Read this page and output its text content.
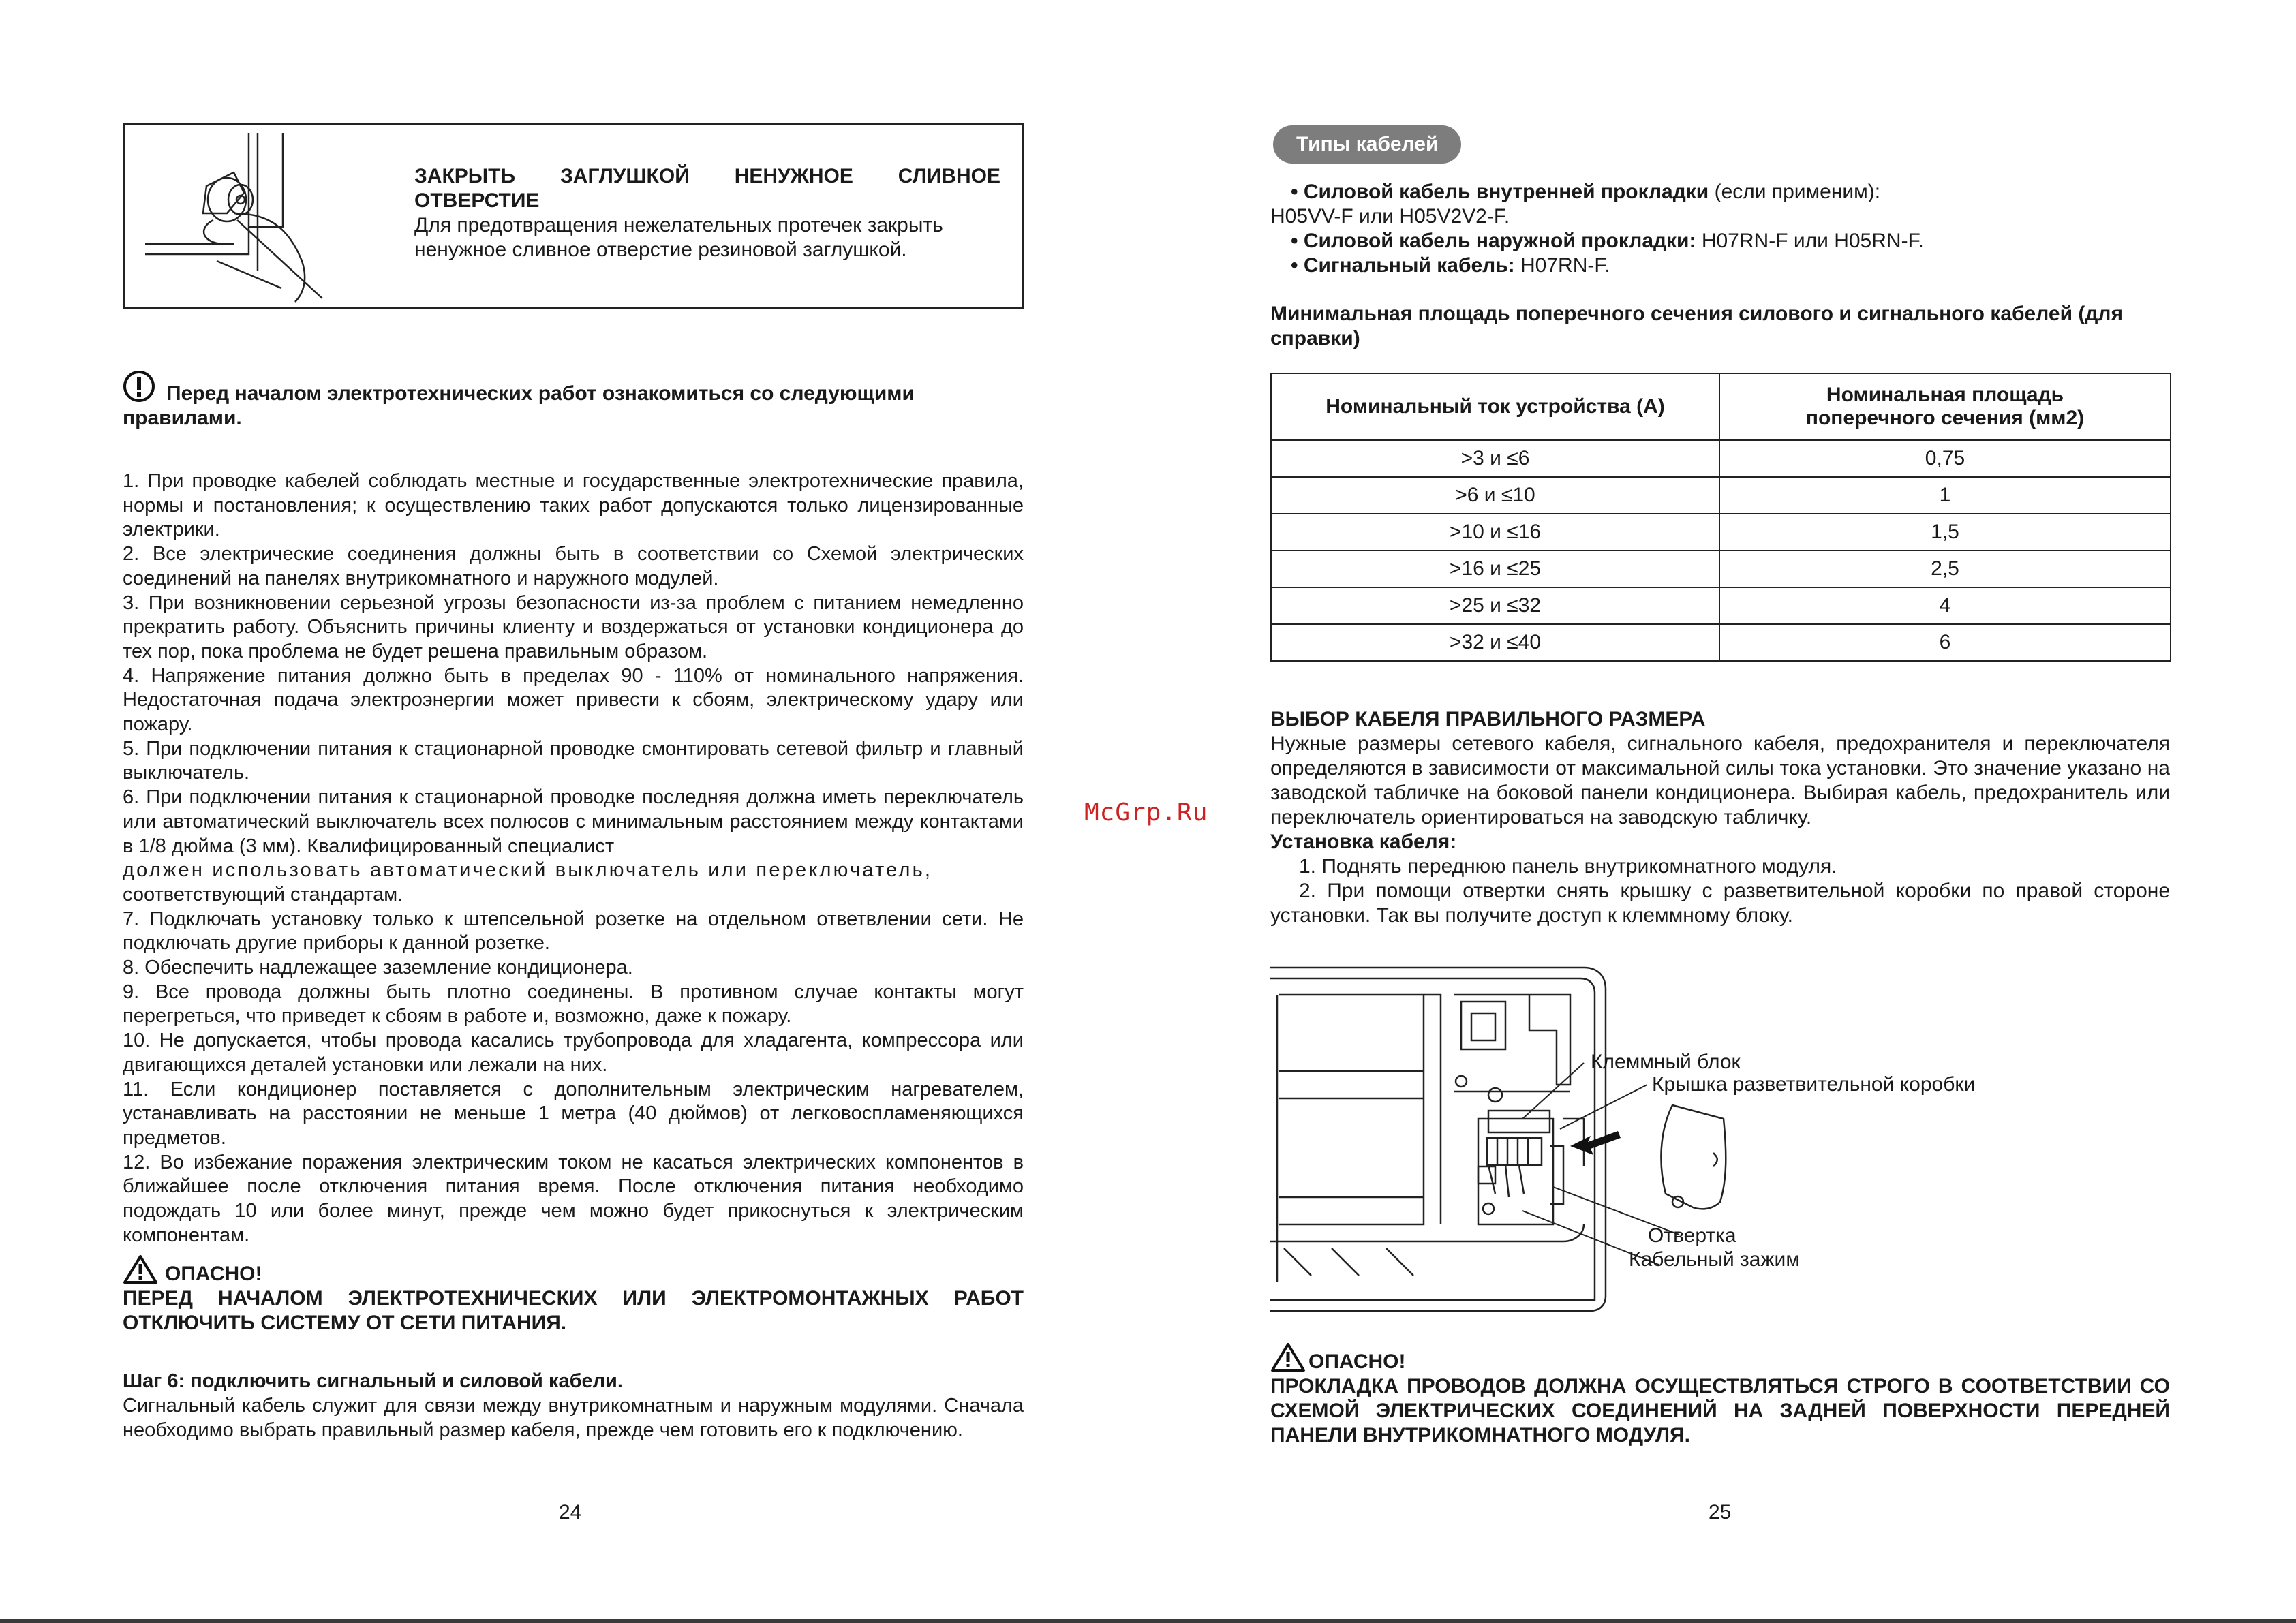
ЗАКРЫТЬ ЗАГЛУШКОЙ НЕНУЖНОЕ СЛИВНОЕ ОТВЕРСТИЕ
Для предотвращения нежелательных протечек закрыть ненужное сливное отверстие резиновой заглушкой.
Перед началом электротехнических работ ознакомиться со следующими правилами.

1. При проводке кабелей соблюдать местные и государственные электротехнические правила, нормы и постановления; к осуществлению таких работ допускаются только лицензированные электрики.

2. Все электрические соединения должны быть в соответствии со Схемой электрических соединений на панелях внутрикомнатного и наружного модулей.

3. При возникновении серьезной угрозы безопасности из-за проблем с питанием немедленно прекратить работу. Объяснить причины клиенту и воздержаться от установки кондиционера до тех пор, пока проблема не будет решена правильным образом.

4. Напряжение питания должно быть в пределах 90 - 110% от номинального напряжения. Недостаточная подача электроэнергии может привести к сбоям, электрическому удару или пожару.

5. При подключении питания к стационарной проводке смонтировать сетевой фильтр и главный выключатель.

6. При подключении питания к стационарной проводке последняя должна иметь переключатель или автоматический выключатель всех полюсов с минимальным расстоянием между контактами в 1/8 дюйма (3 мм). Квалифицированный специалист

должен использовать автоматический выключатель или переключатель,

соответствующий стандартам.

7. Подключать установку только к штепсельной розетке на отдельном ответвлении сети. Не подключать другие приборы к данной розетке.

8. Обеспечить надлежащее заземление кондиционера.

9. Все провода должны быть плотно соединены. В противном случае контакты могут перегреться, что приведет к сбоям в работе и, возможно, даже к пожару.

10. Не допускается, чтобы провода касались трубопровода для хладагента, компрессора или двигающихся деталей установки или лежали на них.

11. Если кондиционер поставляется с дополнительным электрическим нагревателем, устанавливать на расстоянии не меньше 1 метра (40 дюймов) от легковоспламеняющихся предметов.

12. Во избежание поражения электрическим током не касаться электрических компонентов в ближайшее после отключения питания время. После отключения питания необходимо подождать 10 или более минут, прежде чем можно будет прикоснуться к электрическим компонентам.

ОПАСНО!
ПЕРЕД НАЧАЛОМ ЭЛЕКТРОТЕХНИЧЕСКИХ ИЛИ ЭЛЕКТРОМОНТАЖНЫХ РАБОТ ОТКЛЮЧИТЬ СИСТЕМУ ОТ СЕТИ ПИТАНИЯ.
Шаг 6: подключить сигнальный и силовой кабели.

Сигнальный кабель служит для связи между внутрикомнатным и наружным модулями. Сначала необходимо выбрать правильный размер кабеля, прежде чем готовить его к подключению.

24
McGrp.Ru
Типы кабелей

• Силовой кабель внутренней прокладки (если применим):

H05VV-F или H05V2V2-F.

• Силовой кабель наружной прокладки: H07RN-F или H05RN-F.

• Сигнальный кабель: H07RN-F.

Минимальная площадь поперечного сечения силового и сигнального кабелей (для справки)
Номинальный ток устройства (А)	Номинальная площадь поперечного сечения (мм2)
>3 и ≤6	0,75
>6 и ≤10	1
>10 и ≤16	1,5
>16 и ≤25	2,5
>25 и ≤32	4
>32 и ≤40	6
ВЫБОР КАБЕЛЯ ПРАВИЛЬНОГО РАЗМЕРА

Нужные размеры сетевого кабеля, сигнального кабеля, предохранителя и переключателя определяются в зависимости от максимальной силы тока установки. Это значение указано на заводской табличке на боковой панели кондиционера. Выбирая кабель, предохранитель или переключатель ориентироваться на заводскую табличку.

Установка кабеля:

1. Поднять переднюю панель внутрикомнатного модуля.

2. При помощи отвертки снять крышку с разветвительной коробки по правой стороне установки. Так вы получите доступ к клеммному блоку.

Клеммный блок
Крышка разветвительной коробки
Отвертка
Кабельный зажим
ОПАСНО!
ПРОКЛАДКА ПРОВОДОВ ДОЛЖНА ОСУЩЕСТВЛЯТЬСЯ СТРОГО В СООТВЕТСТВИИ СО СХЕМОЙ ЭЛЕКТРИЧЕСКИХ СОЕДИНЕНИЙ НА ЗАДНЕЙ ПОВЕРХНОСТИ ПЕРЕДНЕЙ ПАНЕЛИ ВНУТРИКОМНАТНОГО МОДУЛЯ.
25
